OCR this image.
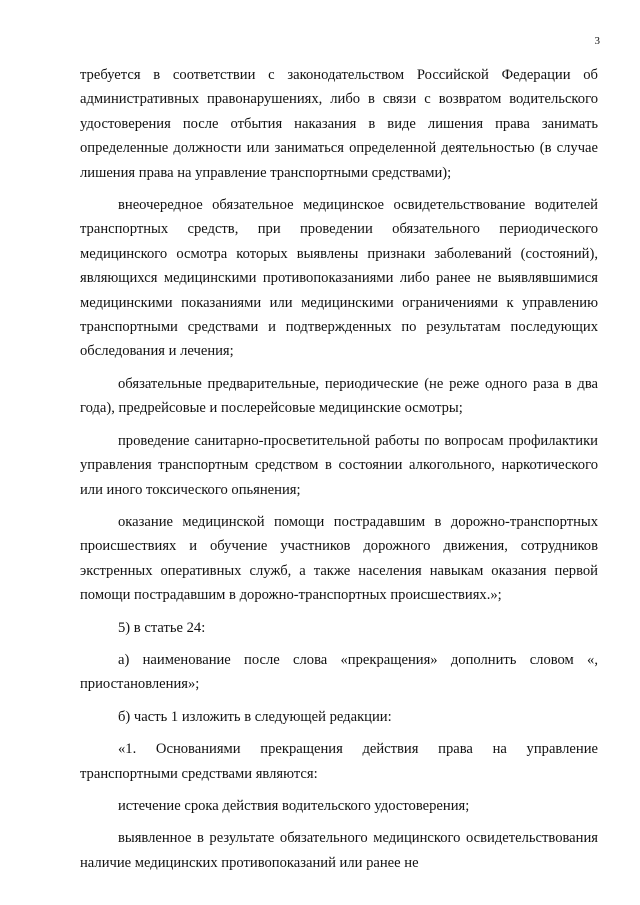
3

требуется в соответствии с законодательством Российской Федерации об административных правонарушениях, либо в связи с возвратом водительского удостоверения после отбытия наказания в виде лишения права занимать определенные должности или заниматься определенной деятельностью (в случае лишения права на управление транспортными средствами);

внеочередное обязательное медицинское освидетельствование водителей транспортных средств, при проведении обязательного периодического медицинского осмотра которых выявлены признаки заболеваний (состояний), являющихся медицинскими противопоказаниями либо ранее не выявлявшимися медицинскими показаниями или медицинскими ограничениями к управлению транспортными средствами и подтвержденных по результатам последующих обследования и лечения;

обязательные предварительные, периодические (не реже одного раза в два года), предрейсовые и послерейсовые медицинские осмотры;

проведение санитарно-просветительной работы по вопросам профилактики управления транспортным средством в состоянии алкогольного, наркотического или иного токсического опьянения;

оказание медицинской помощи пострадавшим в дорожно-транспортных происшествиях и обучение участников дорожного движения, сотрудников экстренных оперативных служб, а также населения навыкам оказания первой помощи пострадавшим в дорожно-транспортных происшествиях.»;

5) в статье 24:

а) наименование после слова «прекращения» дополнить словом «, приостановления»;

б) часть 1 изложить в следующей редакции:

«1. Основаниями прекращения действия права на управление транспортными средствами являются:

истечение срока действия водительского удостоверения;

выявленное в результате обязательного медицинского освидетельствования наличие медицинских противопоказаний или ранее не
